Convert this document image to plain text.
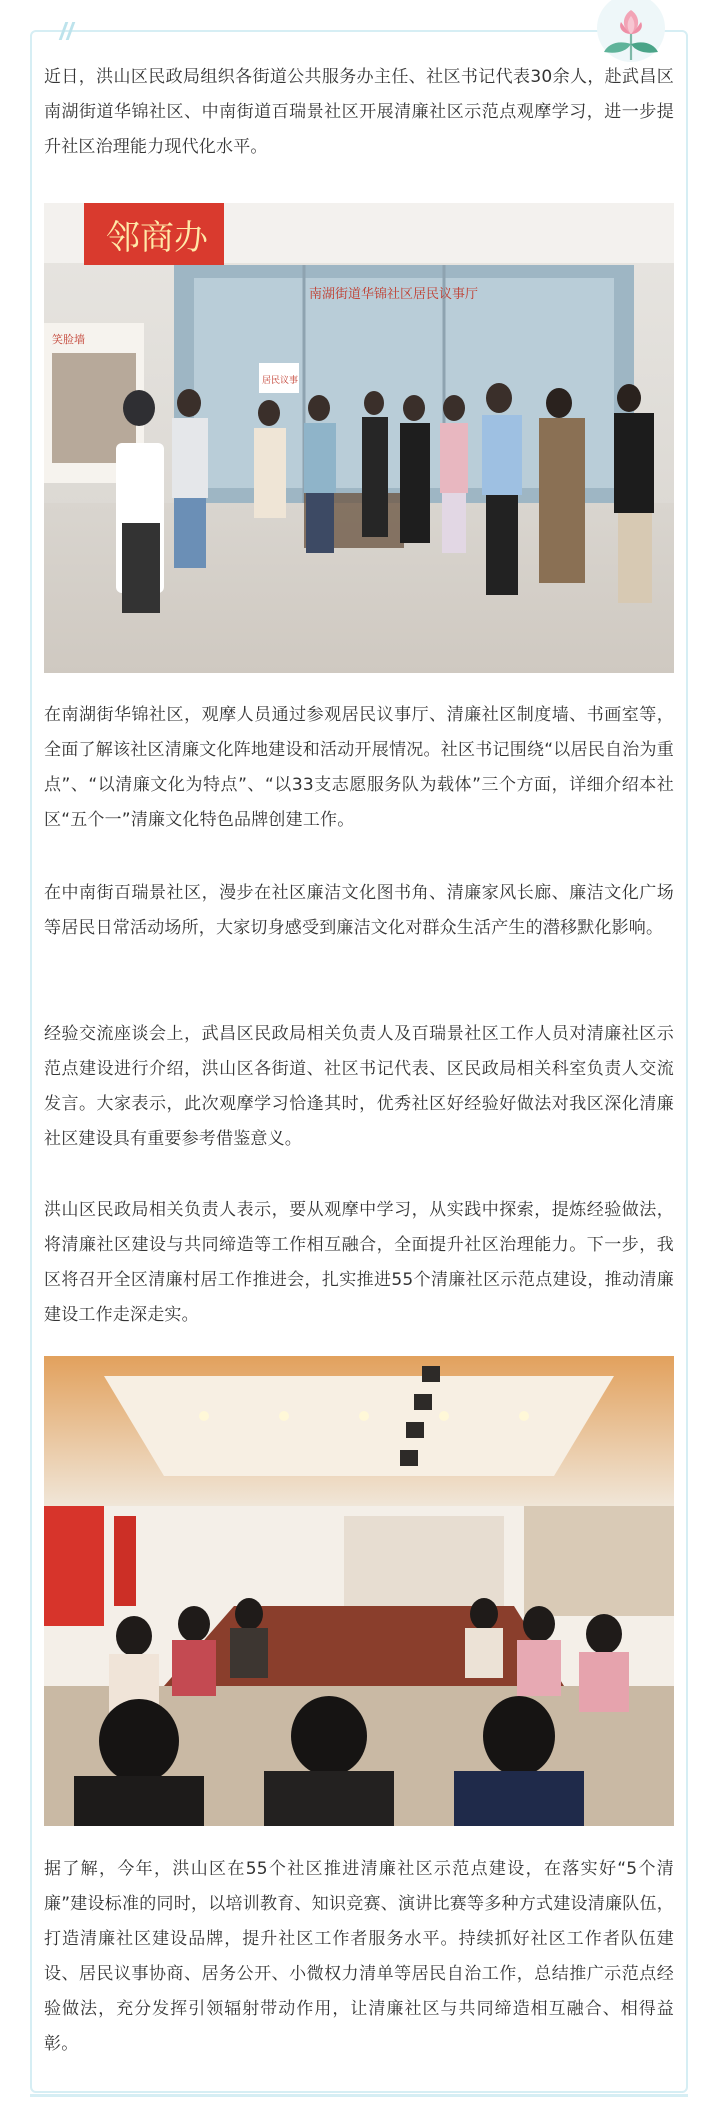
近日，洪山区民政局组织各街道公共服务办主任、社区书记代表30余人，赴武昌区南湖街道华锦社区、中南街道百瑞景社区开展清廉社区示范点观摩学习，进一步提升社区治理能力现代化水平。

邻商办
南湖街道华锦社区居民议事厅
笑脸墙
居民议事

在南湖街华锦社区，观摩人员通过参观居民议事厅、清廉社区制度墙、书画室等，全面了解该社区清廉文化阵地建设和活动开展情况。社区书记围绕“以居民自治为重点”、“以清廉文化为特点”、“以33支志愿服务队为载体”三个方面，详细介绍本社区“五个一”清廉文化特色品牌创建工作。

在中南街百瑞景社区，漫步在社区廉洁文化图书角、清廉家风长廊、廉洁文化广场等居民日常活动场所，大家切身感受到廉洁文化对群众生活产生的潜移默化影响。

经验交流座谈会上，武昌区民政局相关负责人及百瑞景社区工作人员对清廉社区示范点建设进行介绍，洪山区各街道、社区书记代表、区民政局相关科室负责人交流发言。大家表示，此次观摩学习恰逢其时，优秀社区好经验好做法对我区深化清廉社区建设具有重要参考借鉴意义。

洪山区民政局相关负责人表示，要从观摩中学习，从实践中探索，提炼经验做法，将清廉社区建设与共同缔造等工作相互融合，全面提升社区治理能力。下一步，我区将召开全区清廉村居工作推进会，扎实推进55个清廉社区示范点建设，推动清廉建设工作走深走实。

据了解，今年，洪山区在55个社区推进清廉社区示范点建设，在落实好“5个清廉”建设标准的同时，以培训教育、知识竞赛、演讲比赛等多种方式建设清廉队伍，打造清廉社区建设品牌，提升社区工作者服务水平。持续抓好社区工作者队伍建设、居民议事协商、居务公开、小微权力清单等居民自治工作，总结推广示范点经验做法，充分发挥引领辐射带动作用，让清廉社区与共同缔造相互融合、相得益彰。
